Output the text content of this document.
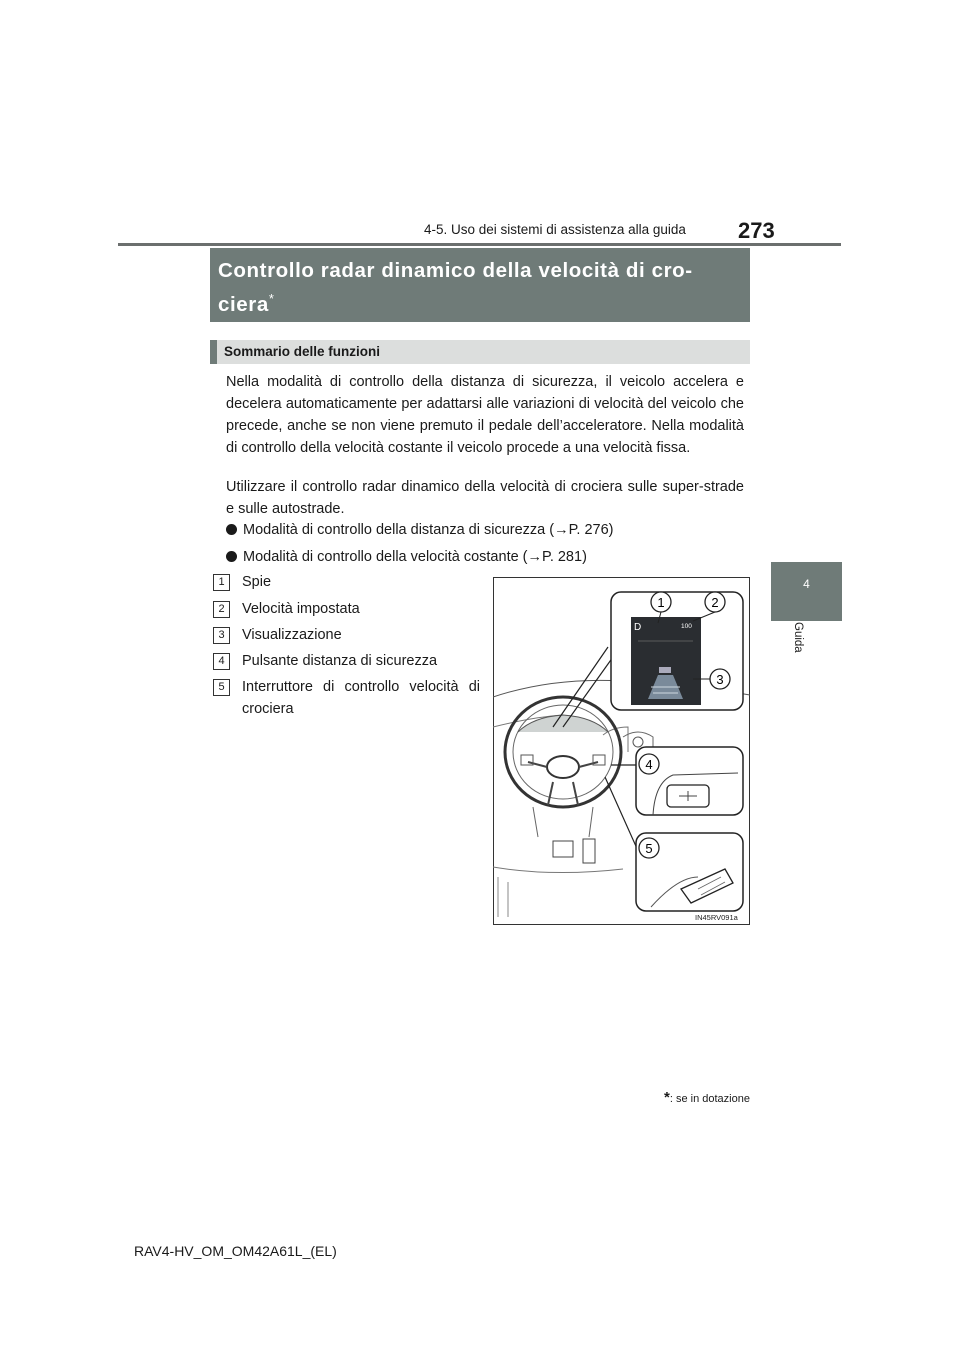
273
4-5. Uso dei sistemi di assistenza alla guida
4
Guida
Controllo radar dinamico della velocità di cro-
ciera*
Sommario delle funzioni
Nella modalità di controllo della distanza di sicurezza, il veicolo accelera e decelera automaticamente per adattarsi alle variazioni di velocità del veicolo che precede, anche se non viene premuto il pedale dell’acceleratore. Nella modalità di controllo della velocità costante il veicolo procede a una velocità fissa.
Utilizzare il controllo radar dinamico della velocità di crociera sulle super-strade e sulle autostrade.
Modalità di controllo della distanza di sicurezza (→P. 276)
Modalità di controllo della velocità costante (→P. 281)
1	Spie
2	Velocità impostata
3	Visualizzazione
4	Pulsante distanza di sicurezza
5	Interruttore di controllo velocità di crociera
D	100
1	2
3
4
5
IN45RV091a
*: se in dotazione
RAV4-HV_OM_OM42A61L_(EL)
